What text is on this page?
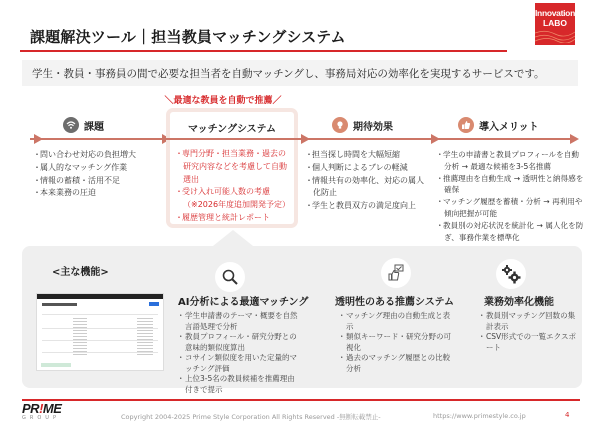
課題解決ツール｜担当教員マッチングシステム
Innovation
LABO
学生・教員・事務員の間で必要な担当者を自動マッチングし、事務局対応の効率化を実現するサービスです。
＼最適な教員を自動で推薦／
課題
・ 問い合わせ対応の負担増大
・ 属人的なマッチング作業
・ 情報の蓄積・活用不足
・ 本来業務の圧迫
マッチングシステム
・ 専門分野・担当業務・過去の研究内容などを考慮して自動選出
・ 受け入れ可能人数の考慮（※2026年度追加開発予定）
・ 履歴管理と統計レポート
期待効果
・ 担当探し時間を大幅短縮
・ 個人判断によるブレの軽減
・ 情報共有の効率化、対応の属人化防止
・ 学生と教員双方の満足度向上
導入メリット
・ 学生の申請書と教員プロフィールを自動分析 → 最適な候補を3-5名推薦
・ 推薦理由を自動生成 → 透明性と納得感を確保
・ マッチング履歴を蓄積・分析 → 再利用や傾向把握が可能
・ 教員別の対応状況を統計化 → 属人化を防ぎ、事務作業を標準化
<主な機能>
AI分析による最適マッチング
・ 学生申請書のテーマ・概要を自然言語処理で分析
・ 教員プロフィール・研究分野との意味的類似度算出
・ コサイン類似度を用いた定量的マッチング評価
・ 上位3-5名の教員候補を推薦理由付きで提示
透明性のある推薦システム
・ マッチング理由の自動生成と表示
・ 類似キーワード・研究分野の可視化
・ 過去のマッチング履歴との比較分析
業務効率化機能
・ 教員別マッチング回数の集計表示
・ CSV形式での一覧エクスポート
PR!ME
GROUP	Copyright 2004-2025 Prime Style Corporation All Rights Reserved -無断転載禁止-	https://www.primestyle.co.jp	4
